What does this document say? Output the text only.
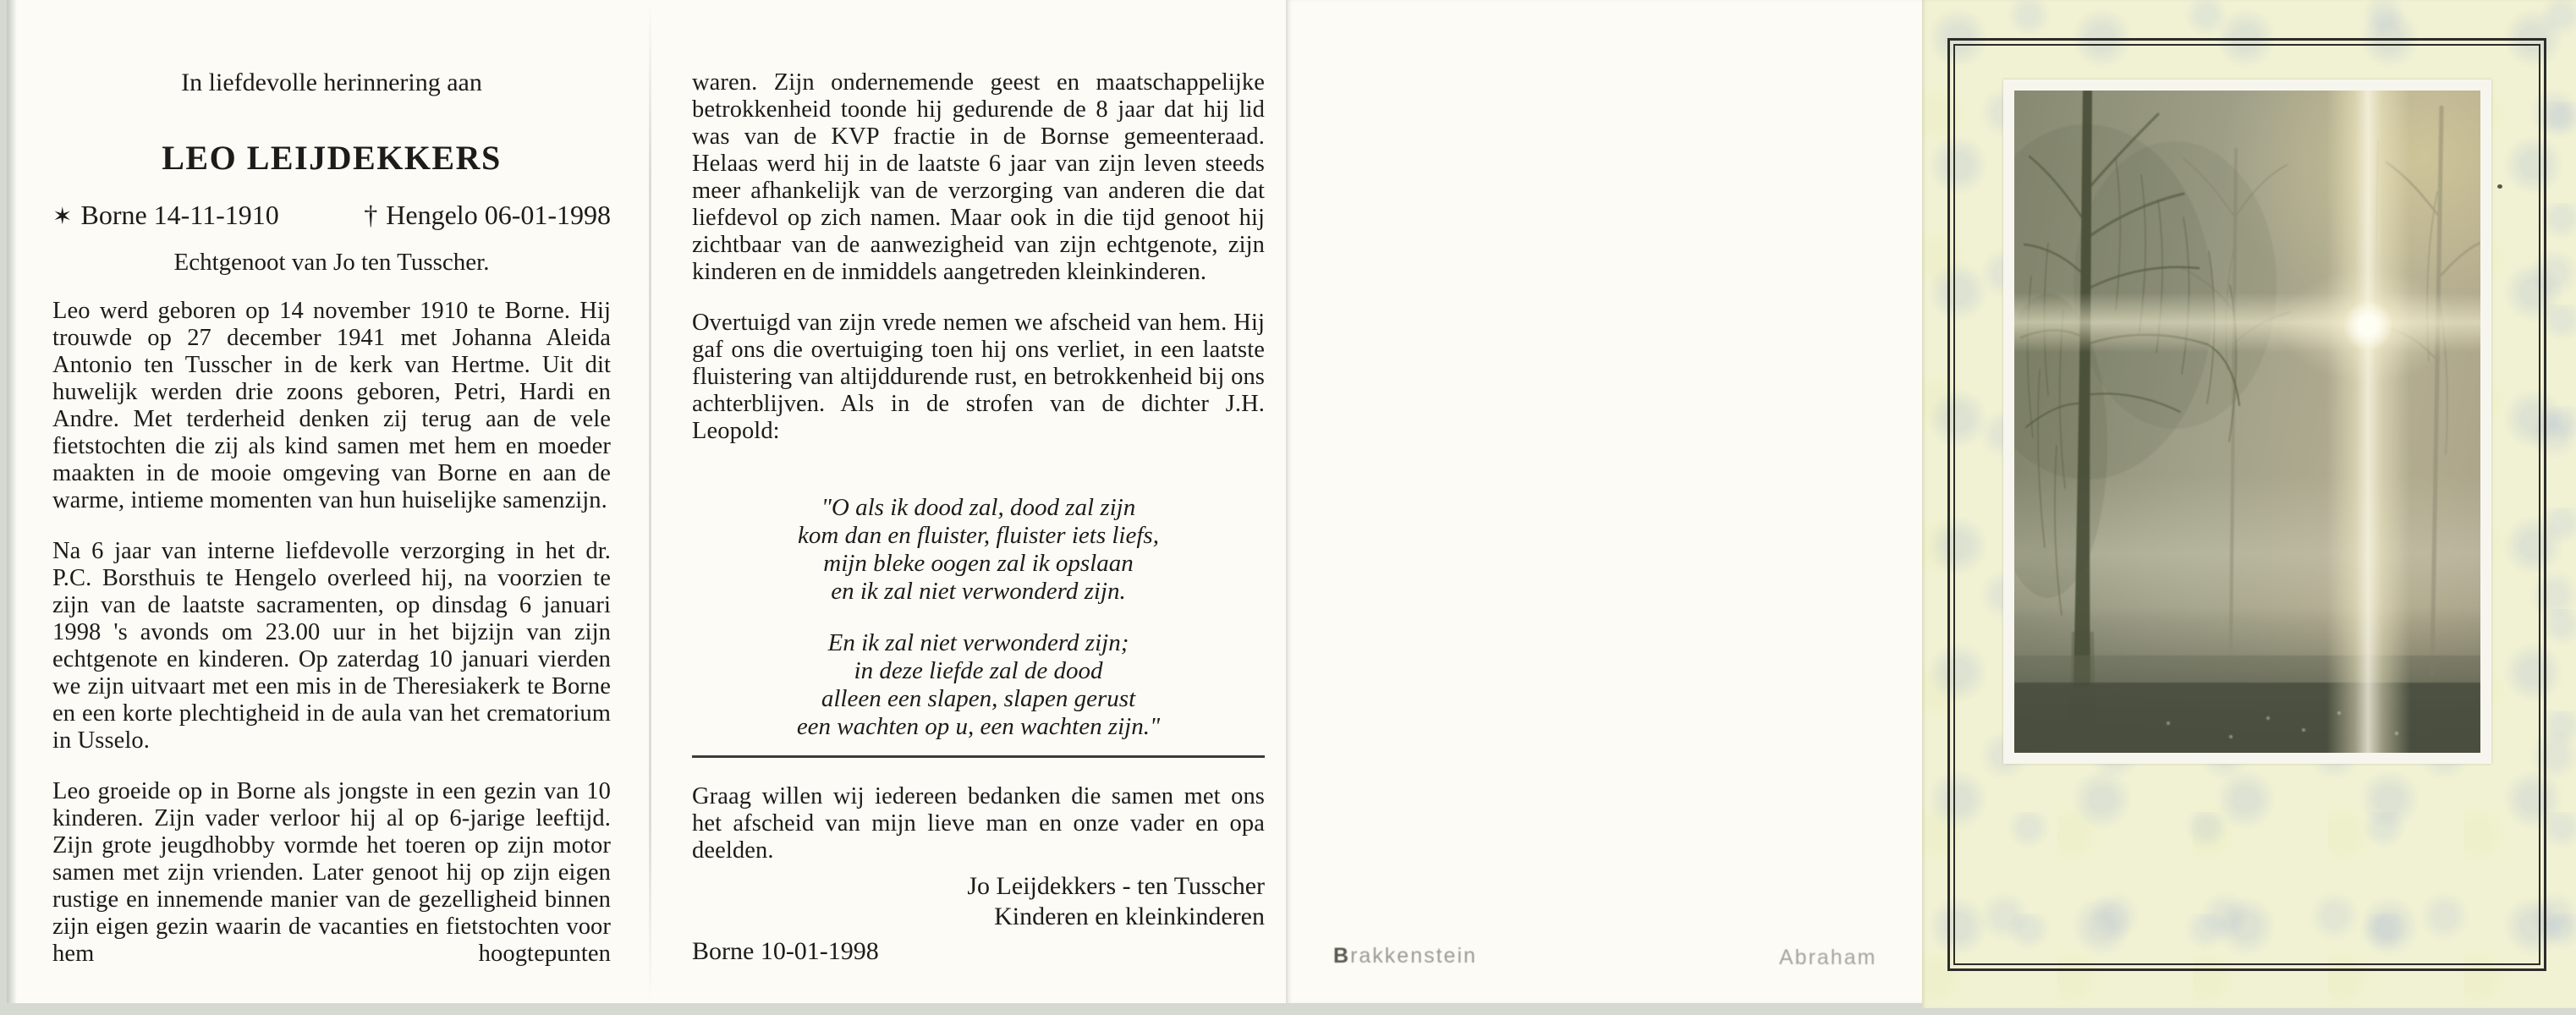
In liefdevolle herinnering aan
LEO LEIJDEKKERS
✶ Borne 14-11-1910	† Hengelo 06-01-1998
Echtgenoot van Jo ten Tusscher.

Leo werd geboren op 14 november 1910 te Borne. Hij trouwde op 27 december 1941 met Johanna Aleida Antonio ten Tusscher in de kerk van Hertme. Uit dit huwelijk werden drie zoons geboren, Petri, Hardi en Andre. Met terderheid denken zij terug aan de vele fietstochten die zij als kind samen met hem en moeder maakten in de mooie omgeving van Borne en aan de warme, intieme momenten van hun huiselijke samenzijn.

Na 6 jaar van interne liefdevolle verzorging in het dr. P.C. Borsthuis te Hengelo overleed hij, na voorzien te zijn van de laatste sacramenten, op dinsdag 6 januari 1998 's avonds om 23.00 uur in het bijzijn van zijn echtgenote en kinderen. Op zaterdag 10 januari vierden we zijn uitvaart met een mis in de Theresiakerk te Borne en een korte plechtigheid in de aula van het crematorium in Usselo.

Leo groeide op in Borne als jongste in een gezin van 10 kinderen. Zijn vader verloor hij al op 6-jarige leeftijd. Zijn grote jeugdhobby vormde het toeren op zijn motor samen met zijn vrienden. Later genoot hij op zijn eigen rustige en innemende manier van de gezelligheid binnen zijn eigen gezin waarin de vacanties en fietstochten voor hem hoogtepunten

waren. Zijn ondernemende geest en maatschappelijke betrokkenheid toonde hij gedurende de 8 jaar dat hij lid was van de KVP fractie in de Bornse gemeenteraad. Helaas werd hij in de laatste 6 jaar van zijn leven steeds meer afhankelijk van de verzorging van anderen die dat liefdevol op zich namen. Maar ook in die tijd genoot hij zichtbaar van de aanwezigheid van zijn echtgenote, zijn kinderen en de inmiddels aangetreden kleinkinderen.

Overtuigd van zijn vrede nemen we afscheid van hem. Hij gaf ons die overtuiging toen hij ons verliet, in een laatste fluistering van altijddurende rust, en betrokkenheid bij ons achterblijven. Als in de strofen van de dichter J.H. Leopold:

"O als ik dood zal, dood zal zijn
kom dan en fluister, fluister iets liefs,
mijn bleke oogen zal ik opslaan
en ik zal niet verwonderd zijn.
En ik zal niet verwonderd zijn;
in deze liefde zal de dood
alleen een slapen, slapen gerust
een wachten op u, een wachten zijn."

Graag willen wij iedereen bedanken die samen met ons het afscheid van mijn lieve man en onze vader en opa deelden.

Jo Leijdekkers - ten Tusscher
Kinderen en kleinkinderen
Borne 10-01-1998	Brakkenstein	Abraham
